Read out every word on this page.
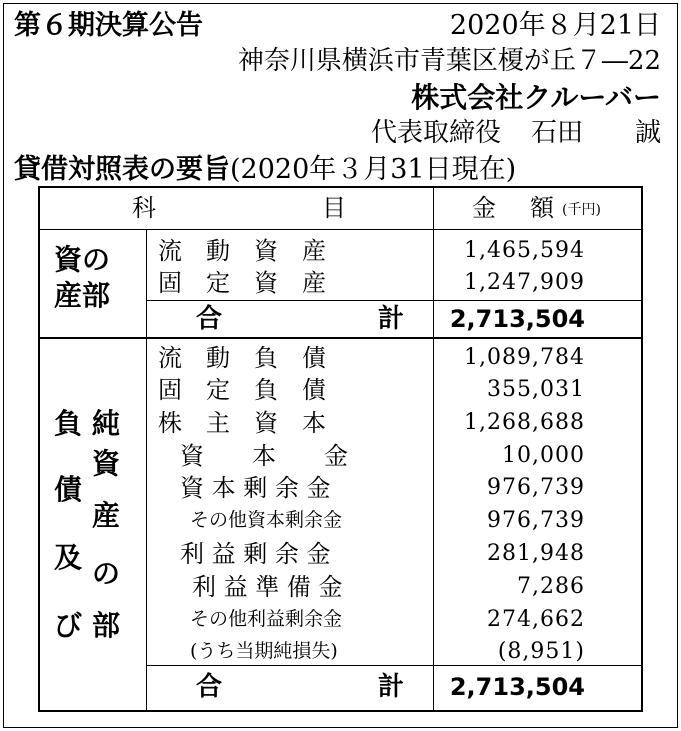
第６期決算公告	2020年８月21日
神奈川県横浜市青葉区榎が丘７―22
株式会社クルーバー
代表取締役 石田　　誠
貸借対照表の要旨(2020年３月31日現在)
科	目	金 額 (千円)
資の
産部
流　動　資　産	1,465,594
固　定　資　産	1,247,909
合	計 2,713,504
負
債
及
び
純
資
産
の
部
流　動　負　債	1,089,784
固　定　負　債	355,031
株　主　資　本	1,268,688
資　　本　　金	10,000
資 本 剰 余 金	976,739
その他資本剰余金	976,739
利 益 剰 余 金	281,948
利 益 準 備 金	7,286
その他利益剰余金	274,662
(うち当期純損失)	(8,951)
合	計 2,713,504
